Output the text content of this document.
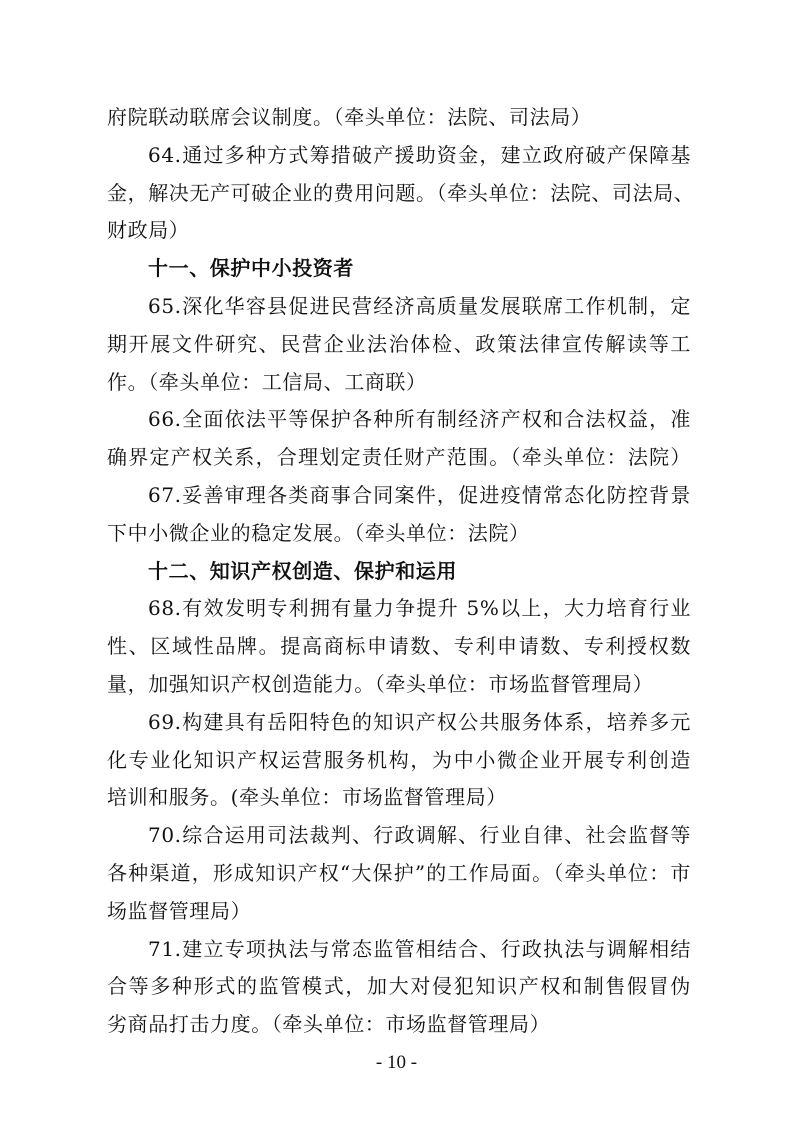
府院联动联席会议制度。（牵头单位：法院、司法局）
64.通过多种方式筹措破产援助资金，建立政府破产保障基
金，解决无产可破企业的费用问题。（牵头单位：法院、司法局、
财政局）
十一、保护中小投资者
65.深化华容县促进民营经济高质量发展联席工作机制，定
期开展文件研究、民营企业法治体检、政策法律宣传解读等工
作。（牵头单位：工信局、工商联）
66.全面依法平等保护各种所有制经济产权和合法权益，准
确界定产权关系，合理划定责任财产范围。（牵头单位：法院）
67.妥善审理各类商事合同案件，促进疫情常态化防控背景
下中小微企业的稳定发展。（牵头单位：法院）
十二、知识产权创造、保护和运用
68.有效发明专利拥有量力争提升 5%以上，大力培育行业
性、区域性品牌。提高商标申请数、专利申请数、专利授权数
量，加强知识产权创造能力。（牵头单位：市场监督管理局）
69.构建具有岳阳特色的知识产权公共服务体系，培养多元
化专业化知识产权运营服务机构，为中小微企业开展专利创造
培训和服务。(牵头单位：市场监督管理局）
70.综合运用司法裁判、行政调解、行业自律、社会监督等
各种渠道，形成知识产权“大保护”的工作局面。（牵头单位：市
场监督管理局）
71.建立专项执法与常态监管相结合、行政执法与调解相结
合等多种形式的监管模式，加大对侵犯知识产权和制售假冒伪
劣商品打击力度。（牵头单位：市场监督管理局）
- 10 -
